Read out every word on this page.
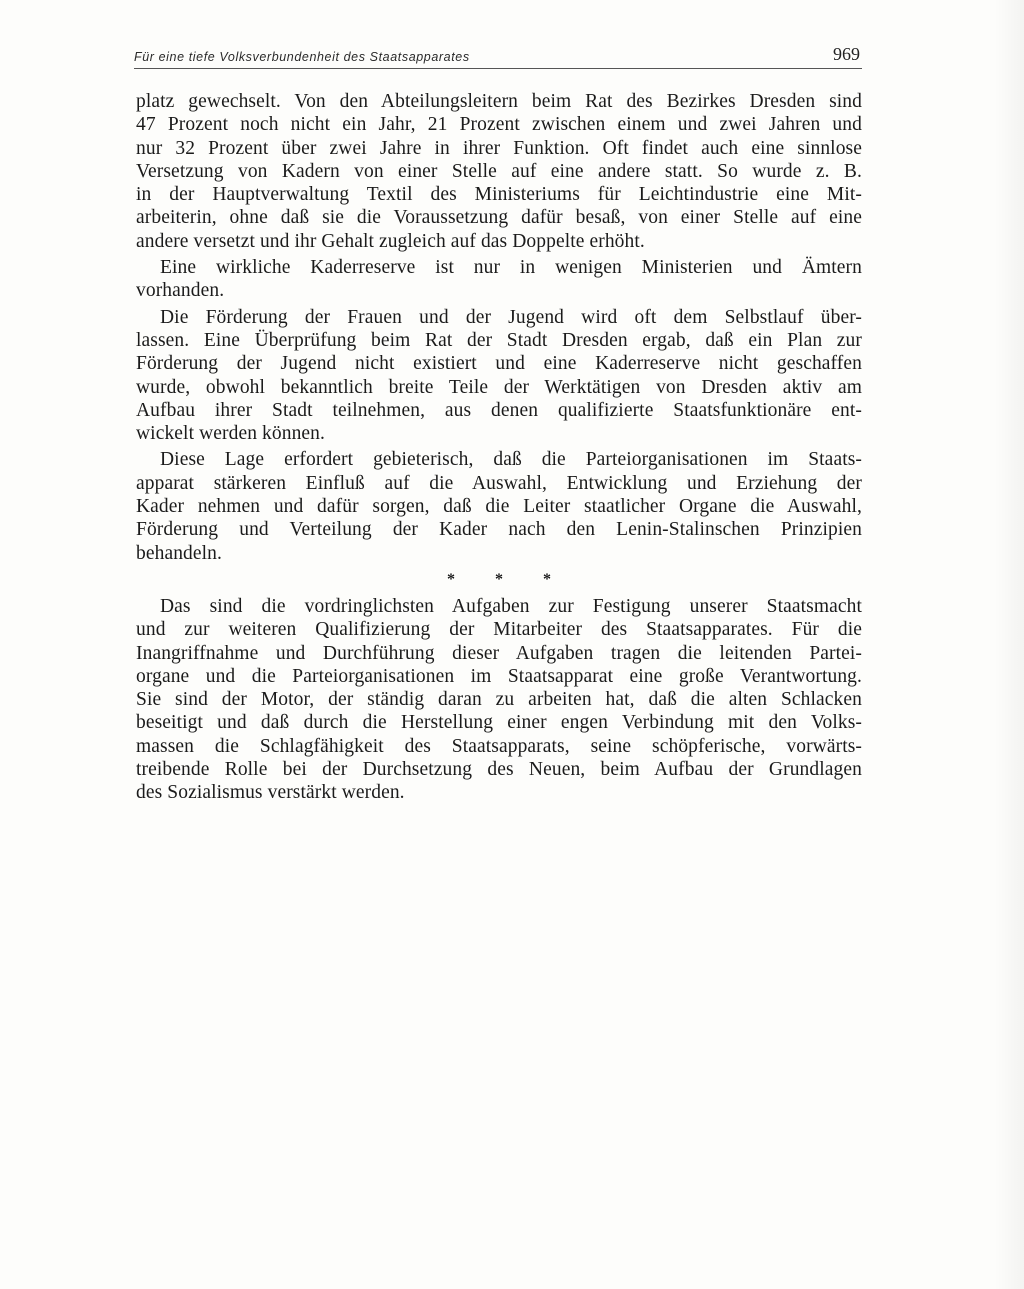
Für eine tiefe Volksverbundenheit des Staatsapparates	969
platz gewechselt. Von den Abteilungsleitern beim Rat des Bezirkes Dresden sind
47 Prozent noch nicht ein Jahr, 21 Prozent zwischen einem und zwei Jahren und
nur 32 Prozent über zwei Jahre in ihrer Funktion. Oft findet auch eine sinnlose
Versetzung von Kadern von einer Stelle auf eine andere statt. So wurde z. B.
in der Hauptverwaltung Textil des Ministeriums für Leichtindustrie eine Mit-
arbeiterin, ohne daß sie die Voraussetzung dafür besaß, von einer Stelle auf eine
andere versetzt und ihr Gehalt zugleich auf das Doppelte erhöht.
Eine wirkliche Kaderreserve ist nur in wenigen Ministerien und Ämtern
vorhanden.
Die Förderung der Frauen und der Jugend wird oft dem Selbstlauf über-
lassen. Eine Überprüfung beim Rat der Stadt Dresden ergab, daß ein Plan zur
Förderung der Jugend nicht existiert und eine Kaderreserve nicht geschaffen
wurde, obwohl bekanntlich breite Teile der Werktätigen von Dresden aktiv am
Aufbau ihrer Stadt teilnehmen, aus denen qualifizierte Staatsfunktionäre ent-
wickelt werden können.
Diese Lage erfordert gebieterisch, daß die Parteiorganisationen im Staats-
apparat stärkeren Einfluß auf die Auswahl, Entwicklung und Erziehung der
Kader nehmen und dafür sorgen, daß die Leiter staatlicher Organe die Auswahl,
Förderung und Verteilung der Kader nach den Lenin-Stalinschen Prinzipien
behandeln.
* * *
Das sind die vordringlichsten Aufgaben zur Festigung unserer Staatsmacht
und zur weiteren Qualifizierung der Mitarbeiter des Staatsapparates. Für die
Inangriffnahme und Durchführung dieser Aufgaben tragen die leitenden Partei-
organe und die Parteiorganisationen im Staatsapparat eine große Verantwortung.
Sie sind der Motor, der ständig daran zu arbeiten hat, daß die alten Schlacken
beseitigt und daß durch die Herstellung einer engen Verbindung mit den Volks-
massen die Schlagfähigkeit des Staatsapparats, seine schöpferische, vorwärts-
treibende Rolle bei der Durchsetzung des Neuen, beim Aufbau der Grundlagen
des Sozialismus verstärkt werden.
